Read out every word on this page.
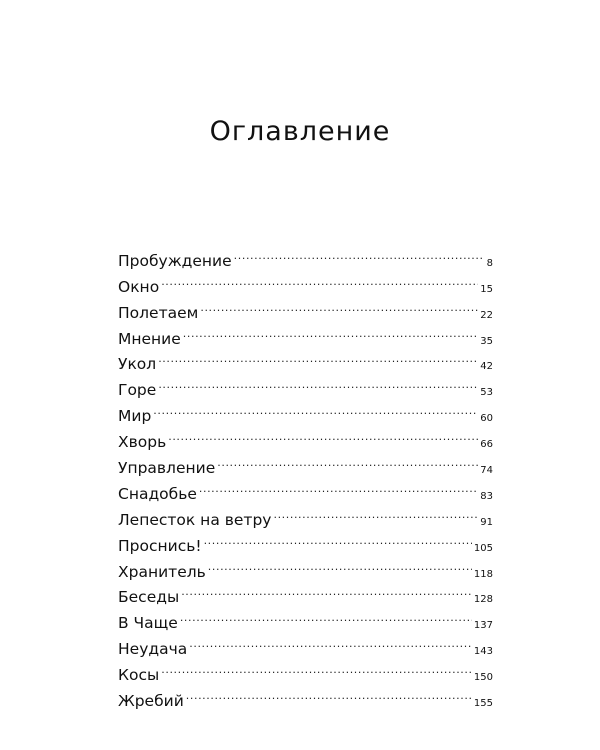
Оглавление
Пробуждение .....	8
Окно .....	15
Полетаем .....	22
Мнение .....	35
Укол .....	42
Горе .....	53
Мир .....	60
Хворь .....	66
Управление .....	74
Снадобье .....	83
Лепесток на ветру .....	91
Проснись! .....	105
Хранитель .....	118
Беседы .....	128
В Чаще .....	137
Неудача .....	143
Косы .....	150
Жребий .....	155
